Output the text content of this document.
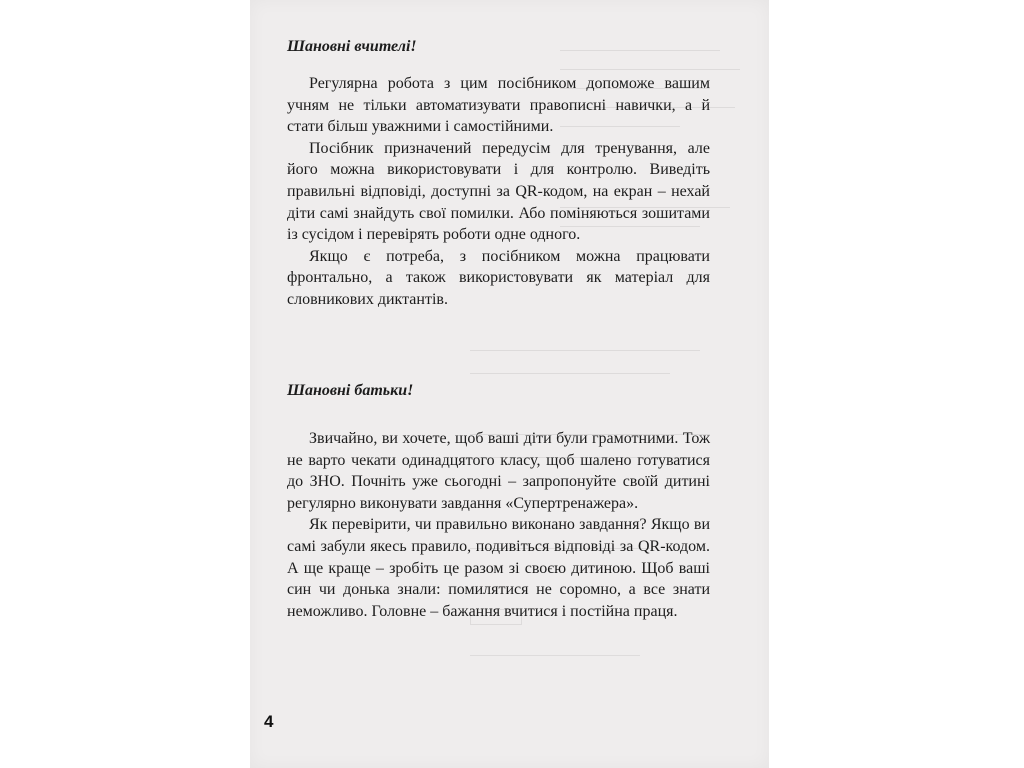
Шановні вчителі!

Регулярна робота з цим посібником допоможе вашим учням не тільки автоматизувати правописні навички, а й стати більш уважними і самостійними.

Посібник призначений передусім для тренування, але його можна використовувати і для контролю. Виведіть правильні відповіді, доступні за QR-кодом, на екран – нехай діти самі знайдуть свої помилки. Або поміняються зошитами із сусідом і перевірять роботи одне одного.

Якщо є потреба, з посібником можна працювати фронтально, а також використовувати як матеріал для словникових диктантів.

Шановні батьки!

Звичайно, ви хочете, щоб ваші діти були грамотними. Тож не варто чекати одинадцятого класу, щоб шалено готуватися до ЗНО. Почніть уже сьогодні – запропонуйте своїй дитині регулярно виконувати завдання «Супертренажера».

Як перевірити, чи правильно виконано завдання? Якщо ви самі забули якесь правило, подивіться відповіді за QR-кодом. А ще краще – зробіть це разом зі своєю дитиною. Щоб ваші син чи донька знали: помилятися не соромно, а все знати неможливо. Головне – бажання вчитися і постійна праця.

4
